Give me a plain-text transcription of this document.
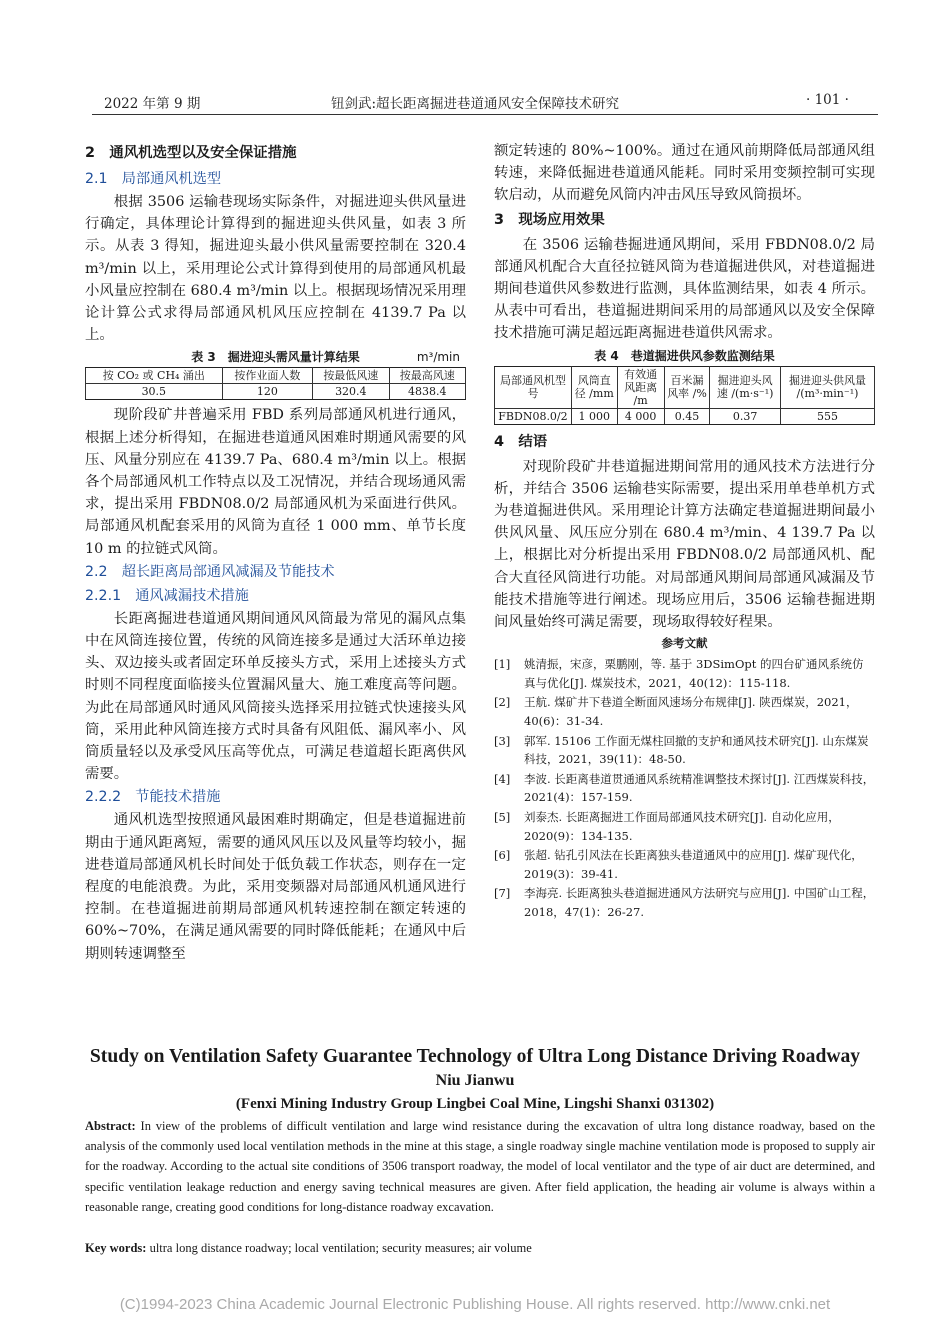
2022 年第 9 期	钮剑武:超长距离掘进巷道通风安全保障技术研究	· 101 ·

2　通风机选型以及安全保证措施

2.1　局部通风机选型

根据 3506 运输巷现场实际条件，对掘进迎头供风量进行确定，具体理论计算得到的掘进迎头供风量，如表 3 所示。从表 3 得知，掘进迎头最小供风量需要控制在 320.4 m³/min 以上，采用理论公式计算得到使用的局部通风机最小风量应控制在 680.4 m³/min 以上。根据现场情况采用理论计算公式求得局部通风机风压应控制在 4139.7 Pa 以上。

表 3　掘进迎头需风量计算结果	m³/min
按 CO₂ 或 CH₄ 涌出	按作业面人数	按最低风速	按最高风速
30.5	120	320.4	4838.4

现阶段矿井普遍采用 FBD 系列局部通风机进行通风，根据上述分析得知，在掘进巷道通风困难时期通风需要的风压、风量分别应在 4139.7 Pa、680.4 m³/min 以上。根据各个局部通风机工作特点以及工况情况，并结合现场通风需求，提出采用 FBDN08.0/2 局部通风机为采面进行供风。局部通风机配套采用的风筒为直径 1 000 mm、单节长度 10 m 的拉链式风筒。

2.2　超长距离局部通风减漏及节能技术

2.2.1　通风减漏技术措施

长距离掘进巷道通风期间通风风筒最为常见的漏风点集中在风筒连接位置，传统的风筒连接多是通过大活环单边接头、双边接头或者固定环单反接头方式，采用上述接头方式时则不同程度面临接头位置漏风量大、施工难度高等问题。为此在局部通风时通风风筒接头选择采用拉链式快速接头风筒，采用此种风筒连接方式时具备有风阻低、漏风率小、风筒质量轻以及承受风压高等优点，可满足巷道超长距离供风需要。

2.2.2　节能技术措施

通风机选型按照通风最困难时期确定，但是巷道掘进前期由于通风距离短，需要的通风风压以及风量等均较小，掘进巷道局部通风机长时间处于低负载工作状态，则存在一定程度的电能浪费。为此，采用变频器对局部通风机通风进行控制。在巷道掘进前期局部通风机转速控制在额定转速的 60%~70%，在满足通风需要的同时降低能耗；在通风中后期则转速调整至

额定转速的 80%~100%。通过在通风前期降低局部通风组转速，来降低掘进巷道通风能耗。同时采用变频控制可实现软启动，从而避免风筒内冲击风压导致风筒损坏。

3　现场应用效果

在 3506 运输巷掘进通风期间，采用 FBDN08.0/2 局部通风机配合大直径拉链风筒为巷道掘进供风，对巷道掘进期间巷道供风参数进行监测，具体监测结果，如表 4 所示。从表中可看出，巷道掘进期间采用的局部通风以及安全保障技术措施可满足超远距离掘进巷道供风需求。

表 4　巷道掘进供风参数监测结果
局部通风机型号	风筒直径 /mm	有效通风距离 /m	百米漏风率 /%	掘进迎头风速 /(m·s⁻¹)	掘进迎头供风量 /(m³·min⁻¹)
FBDN08.0/2	1 000	4 000	0.45	0.37	555

4　结语

对现阶段矿井巷道掘进期间常用的通风技术方法进行分析，并结合 3506 运输巷实际需要，提出采用单巷单机方式为巷道掘进供风。采用理论计算方法确定巷道掘进期间最小供风风量、风压应分别在 680.4 m³/min、4 139.7 Pa 以上，根据比对分析提出采用 FBDN08.0/2 局部通风机、配合大直径风筒进行功能。对局部通风期间局部通风减漏及节能技术措施等进行阐述。现场应用后，3506 运输巷掘进期间风量始终可满足需要，现场取得较好程果。

参考文献
[1]	姚清振，宋彦，栗鹏刚，等. 基于 3DSimOpt 的四台矿通风系统仿真与优化[J]. 煤炭技术，2021，40(12)：115-118.
[2]	王航. 煤矿井下巷道全断面风速场分布规律[J]. 陕西煤炭，2021，40(6)：31-34.
[3]	郭军. 15106 工作面无煤柱回撤的支护和通风技术研究[J]. 山东煤炭科技，2021，39(11)：48-50.
[4]	李波. 长距离巷道贯通通风系统精准调整技术探讨[J]. 江西煤炭科技，2021(4)：157-159.
[5]	刘泰杰. 长距离掘进工作面局部通风技术研究[J]. 自动化应用，2020(9)：134-135.
[6]	张超. 钻孔引风法在长距离独头巷道通风中的应用[J]. 煤矿现代化，2019(3)：39-41.
[7]	李海亮. 长距离独头巷道掘进通风方法研究与应用[J]. 中国矿山工程，2018，47(1)：26-27.
Study on Ventilation Safety Guarantee Technology of Ultra Long Distance Driving Roadway
Niu Jianwu
(Fenxi Mining Industry Group Lingbei Coal Mine, Lingshi Shanxi 031302)
Abstract: In view of the problems of difficult ventilation and large wind resistance during the excavation of ultra long distance roadway, based on the analysis of the commonly used local ventilation methods in the mine at this stage, a single roadway single machine ventilation mode is proposed to supply air for the roadway. According to the actual site conditions of 3506 transport roadway, the model of local ventilator and the type of air duct are determined, and specific ventilation leakage reduction and energy saving technical measures are given. After field application, the heading air volume is always within a reasonable range, creating good conditions for long-distance roadway excavation.
Key words: ultra long distance roadway; local ventilation; security measures; air volume
(C)1994-2023 China Academic Journal Electronic Publishing House. All rights reserved. http://www.cnki.net
